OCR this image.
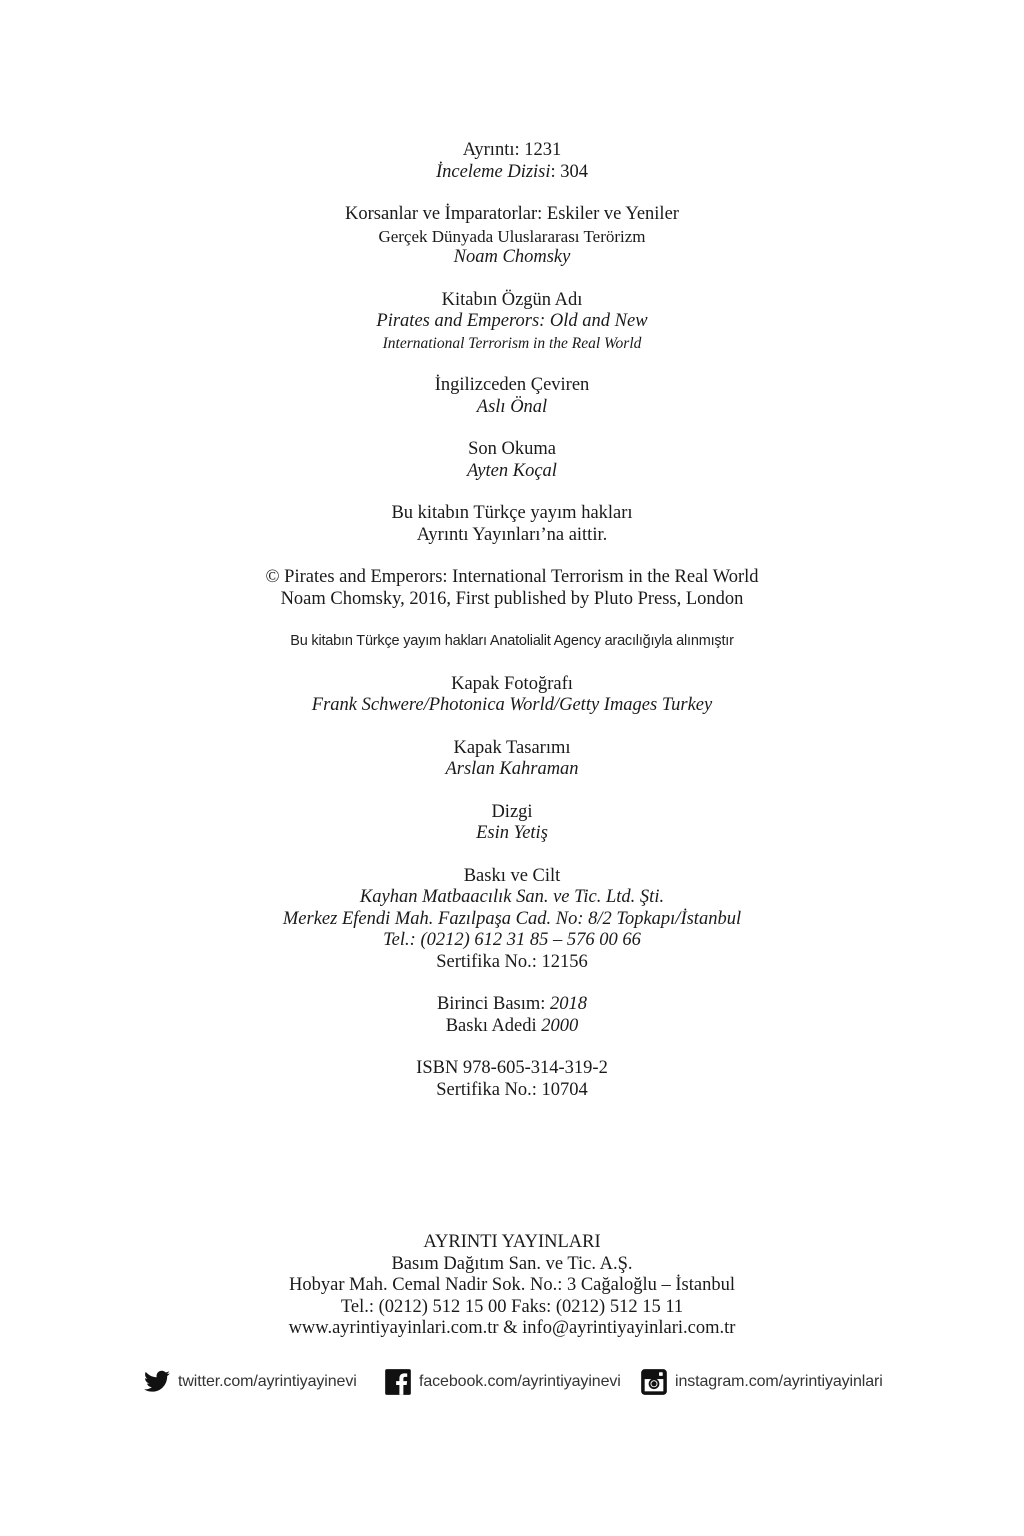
Ayrıntı: 1231
İnceleme Dizisi: 304
Korsanlar ve İmparatorlar: Eskiler ve Yeniler
Gerçek Dünyada Uluslararası Terörizm
Noam Chomsky
Kitabın Özgün Adı
Pirates and Emperors: Old and New
International Terrorism in the Real World
İngilizceden Çeviren
Aslı Önal
Son Okuma
Ayten Koçal
Bu kitabın Türkçe yayım hakları
Ayrıntı Yayınları’na aittir.
© Pirates and Emperors: International Terrorism in the Real World
Noam Chomsky, 2016, First published by Pluto Press, London
Bu kitabın Türkçe yayım hakları Anatolialit Agency aracılığıyla alınmıştır
Kapak Fotoğrafı
Frank Schwere/Photonica World/Getty Images Turkey
Kapak Tasarımı
Arslan Kahraman
Dizgi
Esin Yetiş
Baskı ve Cilt
Kayhan Matbaacılık San. ve Tic. Ltd. Şti.
Merkez Efendi Mah. Fazılpaşa Cad. No: 8/2 Topkapı/İstanbul
Tel.: (0212) 612 31 85 – 576 00 66
Sertifika No.: 12156
Birinci Basım: 2018
Baskı Adedi 2000
ISBN 978-605-314-319-2
Sertifika No.: 10704
AYRINTI YAYINLARI
Basım Dağıtım San. ve Tic. A.Ş.
Hobyar Mah. Cemal Nadir Sok. No.: 3 Cağaloğlu – İstanbul
Tel.: (0212) 512 15 00 Faks: (0212) 512 15 11
www.ayrintiyayinlari.com.tr & info@ayrintiyayinlari.com.tr
twitter.com/ayrintiyayinevi	facebook.com/ayrintiyayinevi	instagram.com/ayrintiyayinlari
